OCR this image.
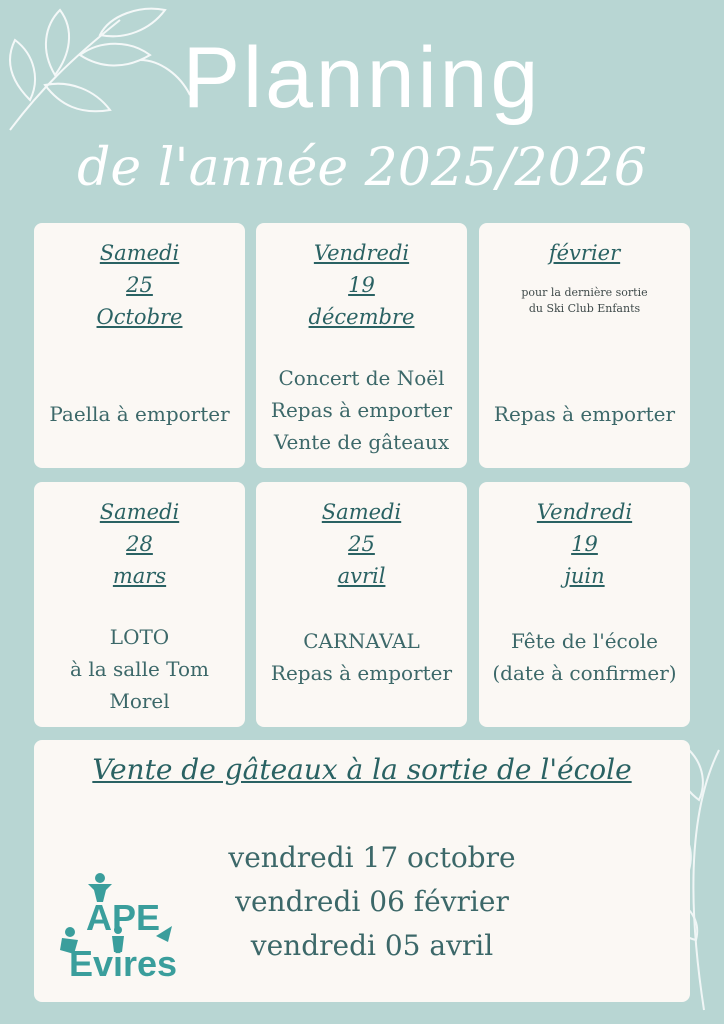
Planning
de l'année 2025/2026
Samedi
25
Octobre
Paella à emporter
Vendredi
19
décembre
Concert de Noël
Repas à emporter
Vente de gâteaux
février
pour la dernière sortie
du Ski Club Enfants
Repas à emporter
Samedi
28
mars
LOTO
à la salle Tom
Morel
Samedi
25
avril
CARNAVAL
Repas à emporter
Vendredi
19
juin
Fête de l'école
(date à confirmer)
Vente de gâteaux à la sortie de l'école
vendredi 17 octobre
vendredi 06 février
vendredi 05 avril
APE
Evires
